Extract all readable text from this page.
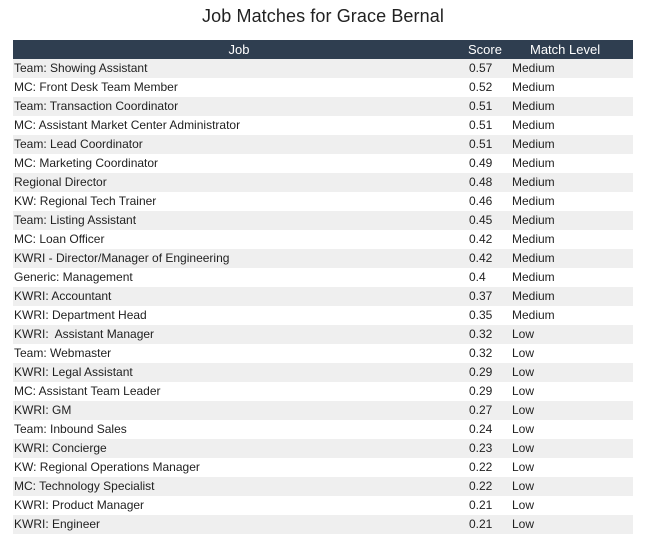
Job Matches for Grace Bernal
Job	Score	Match Level
Team: Showing Assistant	0.57	Medium
MC: Front Desk Team Member	0.52	Medium
Team: Transaction Coordinator	0.51	Medium
MC: Assistant Market Center Administrator	0.51	Medium
Team: Lead Coordinator	0.51	Medium
MC: Marketing Coordinator	0.49	Medium
Regional Director	0.48	Medium
KW: Regional Tech Trainer	0.46	Medium
Team: Listing Assistant	0.45	Medium
MC: Loan Officer	0.42	Medium
KWRI - Director/Manager of Engineering	0.42	Medium
Generic: Management	0.4	Medium
KWRI: Accountant	0.37	Medium
KWRI: Department Head	0.35	Medium
KWRI:  Assistant Manager	0.32	Low
Team: Webmaster	0.32	Low
KWRI: Legal Assistant	0.29	Low
MC: Assistant Team Leader	0.29	Low
KWRI: GM	0.27	Low
Team: Inbound Sales	0.24	Low
KWRI: Concierge	0.23	Low
KW: Regional Operations Manager	0.22	Low
MC: Technology Specialist	0.22	Low
KWRI: Product Manager	0.21	Low
KWRI: Engineer	0.21	Low
